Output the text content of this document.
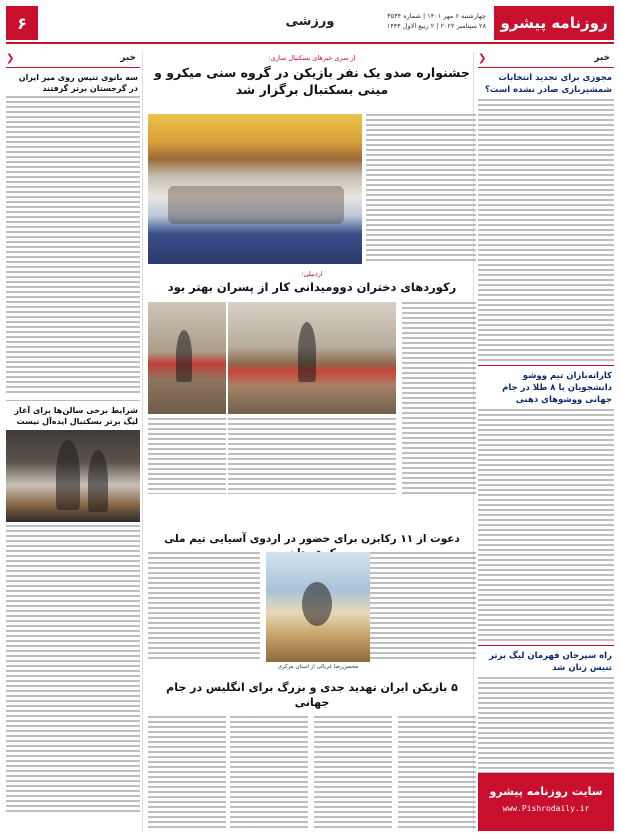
روزنامه پیشرو
چهارشنبه ۶ مهر ۱۴۰۱ | شماره ۳۵۳۴
۲۸ سپتامبر ۲۰۲۲ | ۲ ربیع الاول ۱۴۴۴
ورزشی
۶
خبر
❮
مجوزی برای تجدید انتخابات شمشیربازی صادر نشده است؟
کاراته‌بازان تیم ووشو دانشجویان با ۸ طلا در جام جهانی ووشوهای ذهنی
راه سپرجان قهرمان لیگ برتر تنیس زنان شد
خبر
❮
سه بانوی تنیس روی میز ایران در گرجستان برتر گرفتند
شرایط برخی سالن‌ها برای آغاز لیگ برتر بسکتبال ایده‌آل نیست
از سری خبرهای بسکتبال سازی:
جشنواره صدو یک نفر بازیکن در گروه سنی میکرو و مینی بسکتبال برگزار شد
اردبیلی:
رکوردهای دختران دوومیدانی کار از پسران بهتر بود
دعوت از ۱۱ رکابزن برای حضور در اردوی آسیایی تیم ملی
محسن‌رضا غریالی از استان مرکزی
۵ بازیکن ایران تهدید جدی و بزرگ برای انگلیس در جام جهانی
سایت روزنامه پیشرو
www.Pishrodaily.ir
